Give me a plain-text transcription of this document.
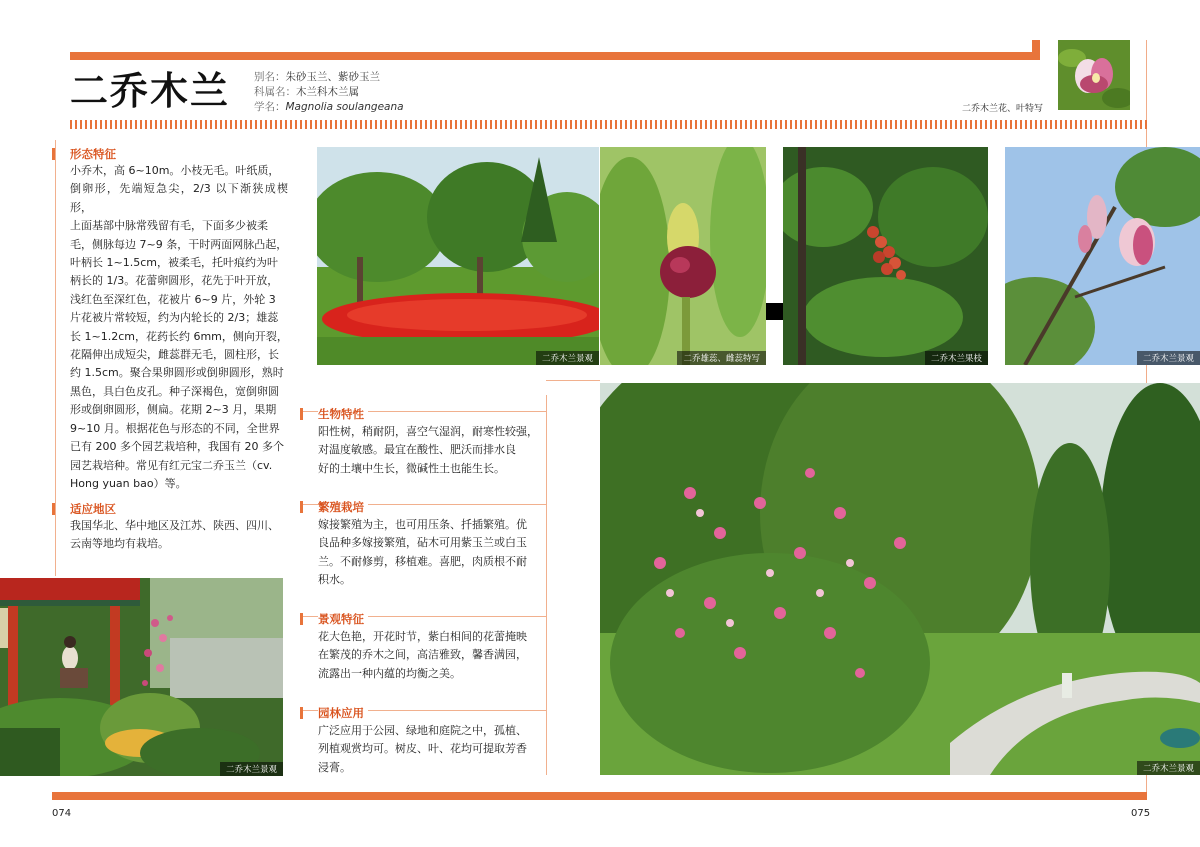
二乔木兰 别名：朱砂玉兰、紫砂玉兰
科属名：木兰科木兰属
学名：Magnolia soulangeana	二乔木兰花、叶特写
形态特征
小乔木，高 6~10m。小枝无毛。叶纸质，
倒卵形，先端短急尖，2/3 以下渐狭成楔形，
上面基部中脉常残留有毛，下面多少被柔
毛，侧脉每边 7~9 条，干时两面网脉凸起，
叶柄长 1~1.5cm，被柔毛，托叶痕约为叶
柄长的 1/3。花蕾卵圆形，花先于叶开放，
浅红色至深红色，花被片 6~9 片，外轮 3
片花被片常较短，约为内轮长的 2/3；雄蕊
长 1~1.2cm，花药长约 6mm，侧向开裂，
花隔伸出成短尖，雌蕊群无毛，圆柱形，长
约 1.5cm。聚合果卵圆形或倒卵圆形，熟时
黑色，具白色皮孔。种子深褐色，宽倒卵圆
形或倒卵圆形，侧扁。花期 2~3 月，果期
9~10 月。根据花色与形态的不同，全世界
已有 200 多个园艺栽培种，我国有 20 多个
园艺栽培种。常见有红元宝二乔玉兰（cv.
Hong yuan bao）等。
适应地区
我国华北、华中地区及江苏、陕西、四川、
云南等地均有栽培。
二乔木兰景观
生物特性
阳性树，稍耐阴，喜空气湿润，耐寒性较强，
对温度敏感。最宜在酸性、肥沃而排水良
好的土壤中生长，微碱性土也能生长。
繁殖栽培
嫁接繁殖为主，也可用压条、扦插繁殖。优
良品种多嫁接繁殖，砧木可用紫玉兰或白玉
兰。不耐修剪，移植难。喜肥，肉质根不耐
积水。
景观特征
花大色艳，开花时节，紫白相间的花蕾掩映
在繁茂的乔木之间，高洁雅致，馨香满园，
流露出一种内蕴的均衡之美。
园林应用
广泛应用于公园、绿地和庭院之中，孤植、
列植观赏均可。树皮、叶、花均可提取芳香
浸膏。
二乔木兰景观	二乔雄蕊、雌蕊特写	二乔木兰果枝	二乔木兰景观
二乔木兰景观
074	075
